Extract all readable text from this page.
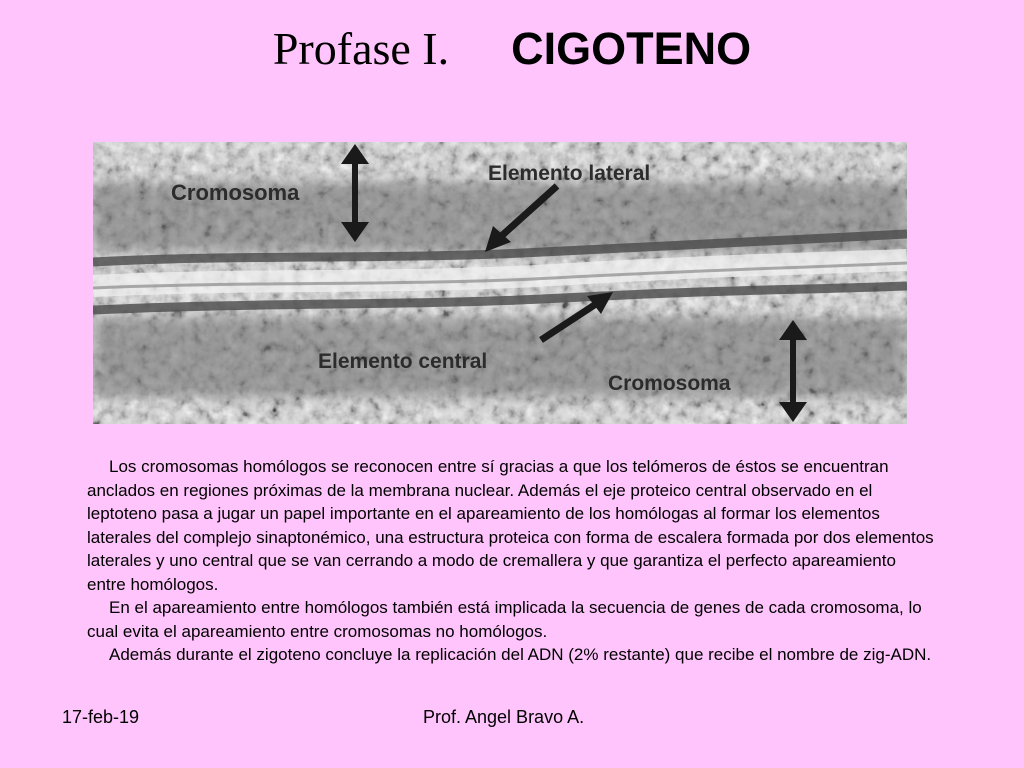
Profase I. CIGOTENO
Cromosoma
Elemento lateral
Elemento central
Cromosoma

Los cromosomas homólogos se reconocen entre sí gracias a que los telómeros de éstos se encuentran anclados en regiones próximas de la membrana nuclear. Además el eje proteico central observado en el leptoteno pasa a jugar un papel importante en el apareamiento de los homólogas al formar los elementos laterales del complejo sinaptonémico, una estructura proteica con forma de escalera formada por dos elementos laterales y uno central que se van cerrando a modo de cremallera y que garantiza el perfecto apareamiento entre homólogos.

En el apareamiento entre homólogos también está implicada la secuencia de genes de cada cromosoma, lo cual evita el apareamiento entre cromosomas no homólogos.

Además durante el zigoteno concluye la replicación del ADN (2% restante) que recibe el nombre de zig-ADN.

17-feb-19	Prof. Angel Bravo A.
